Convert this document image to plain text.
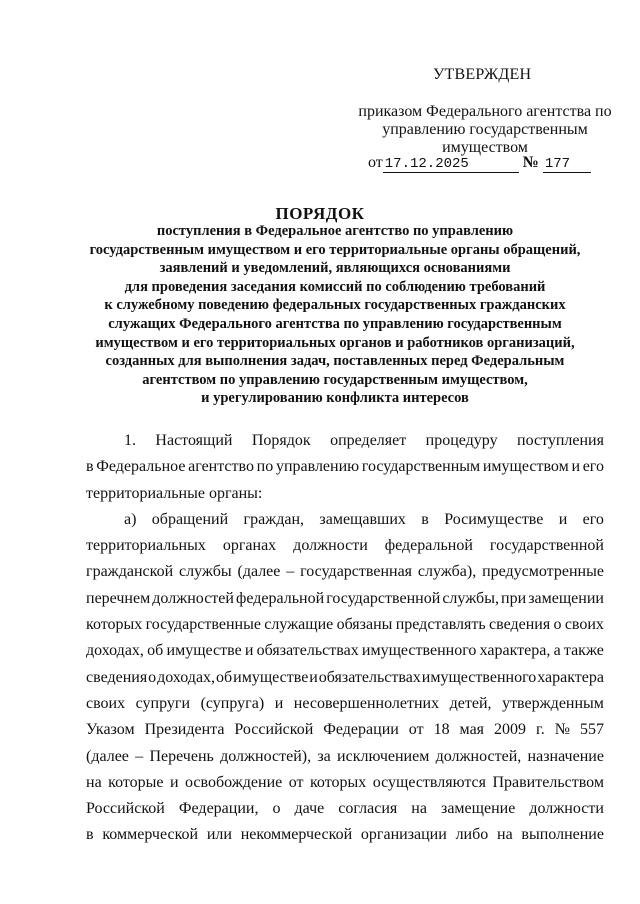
УТВЕРЖДЕН
приказом Федерального агентства по
управлению государственным
имуществом
от 17.12.2025	№ 177
ПОРЯДОК
поступления в Федеральное агентство по управлению
государственным имуществом и его территориальные органы обращений,
заявлений и уведомлений, являющихся основаниями
для проведения заседания комиссий по соблюдению требований
к служебному поведению федеральных государственных гражданских
служащих Федерального агентства по управлению государственным
имуществом и его территориальных органов и работников организаций,
созданных для выполнения задач, поставленных перед Федеральным
агентством по управлению государственным имуществом,
и урегулированию конфликта интересов
1. Настоящий Порядок определяет процедуру поступления
в Федеральное агентство по управлению государственным имуществом и его
территориальные органы:
а) обращений граждан, замещавших в Росимуществе и его
территориальных органах должности федеральной государственной
гражданской службы (далее – государственная служба), предусмотренные
перечнем должностей федеральной государственной службы, при замещении
которых государственные служащие обязаны представлять сведения о своих
доходах, об имуществе и обязательствах имущественного характера, а также
сведения о доходах, об имуществе и обязательствах имущественного характера
своих супруги (супруга) и несовершеннолетних детей, утвержденным
Указом Президента Российской Федерации от 18 мая 2009 г. № 557
(далее – Перечень должностей), за исключением должностей, назначение
на которые и освобождение от которых осуществляются Правительством
Российской Федерации, о даче согласия на замещение должности
в коммерческой или некоммерческой организации либо на выполнение
